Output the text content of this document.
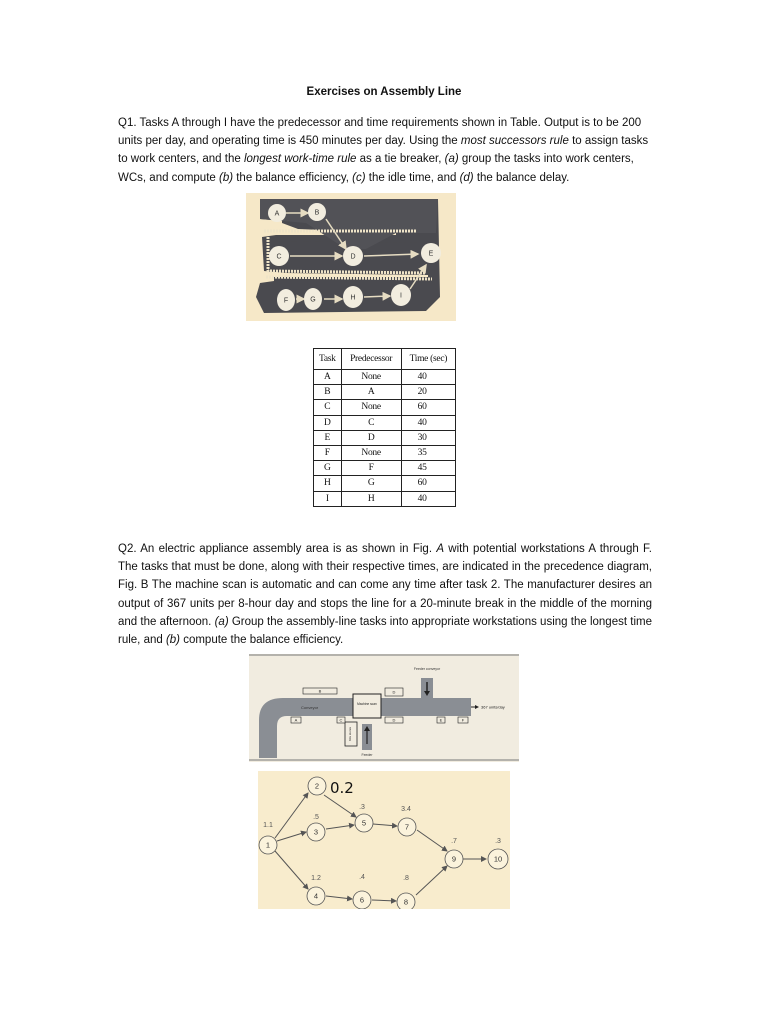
Exercises on Assembly Line
Q1. Tasks A through I have the predecessor and time requirements shown in Table. Output is to be 200 units per day, and operating time is 450 minutes per day. Using the most successors rule to assign tasks to work centers, and the longest work-time rule as a tie breaker, (a) group the tasks into work centers, WCs, and compute (b) the balance efficiency, (c) the idle time, and (d) the balance delay.
A	B
C	D	E
F	G	H	I
Task	Predecessor	Time (sec)
A	None	40
B	A	20
C	None	60
D	C	40
E	D	30
F	None	35
G	F	45
H	G	60
I	H	40
Q2. An electric appliance assembly area is as shown in Fig. A with potential workstations A through F. The tasks that must be done, along with their respective times, are indicated in the precedence diagram, Fig. B The machine scan is automatic and can come any time after task 2. The manufacturer desires an output of 367 units per 8-hour day and stops the line for a 20-minute break in the middle of the morning and the afternoon. (a) Group the assembly-line tasks into appropriate workstations using the longest time rule, and (b) compute the balance efficiency.
Conveyor
Feeder conveyor
367 units/day
Machine scan
Feeder
Kits stores
A
B
C
D
D	E	F
1
2
3
4
5
6
7
8
9	10
1.1
.5
1.2
.3
.4
3.4
.8
.7	.3
0.2
